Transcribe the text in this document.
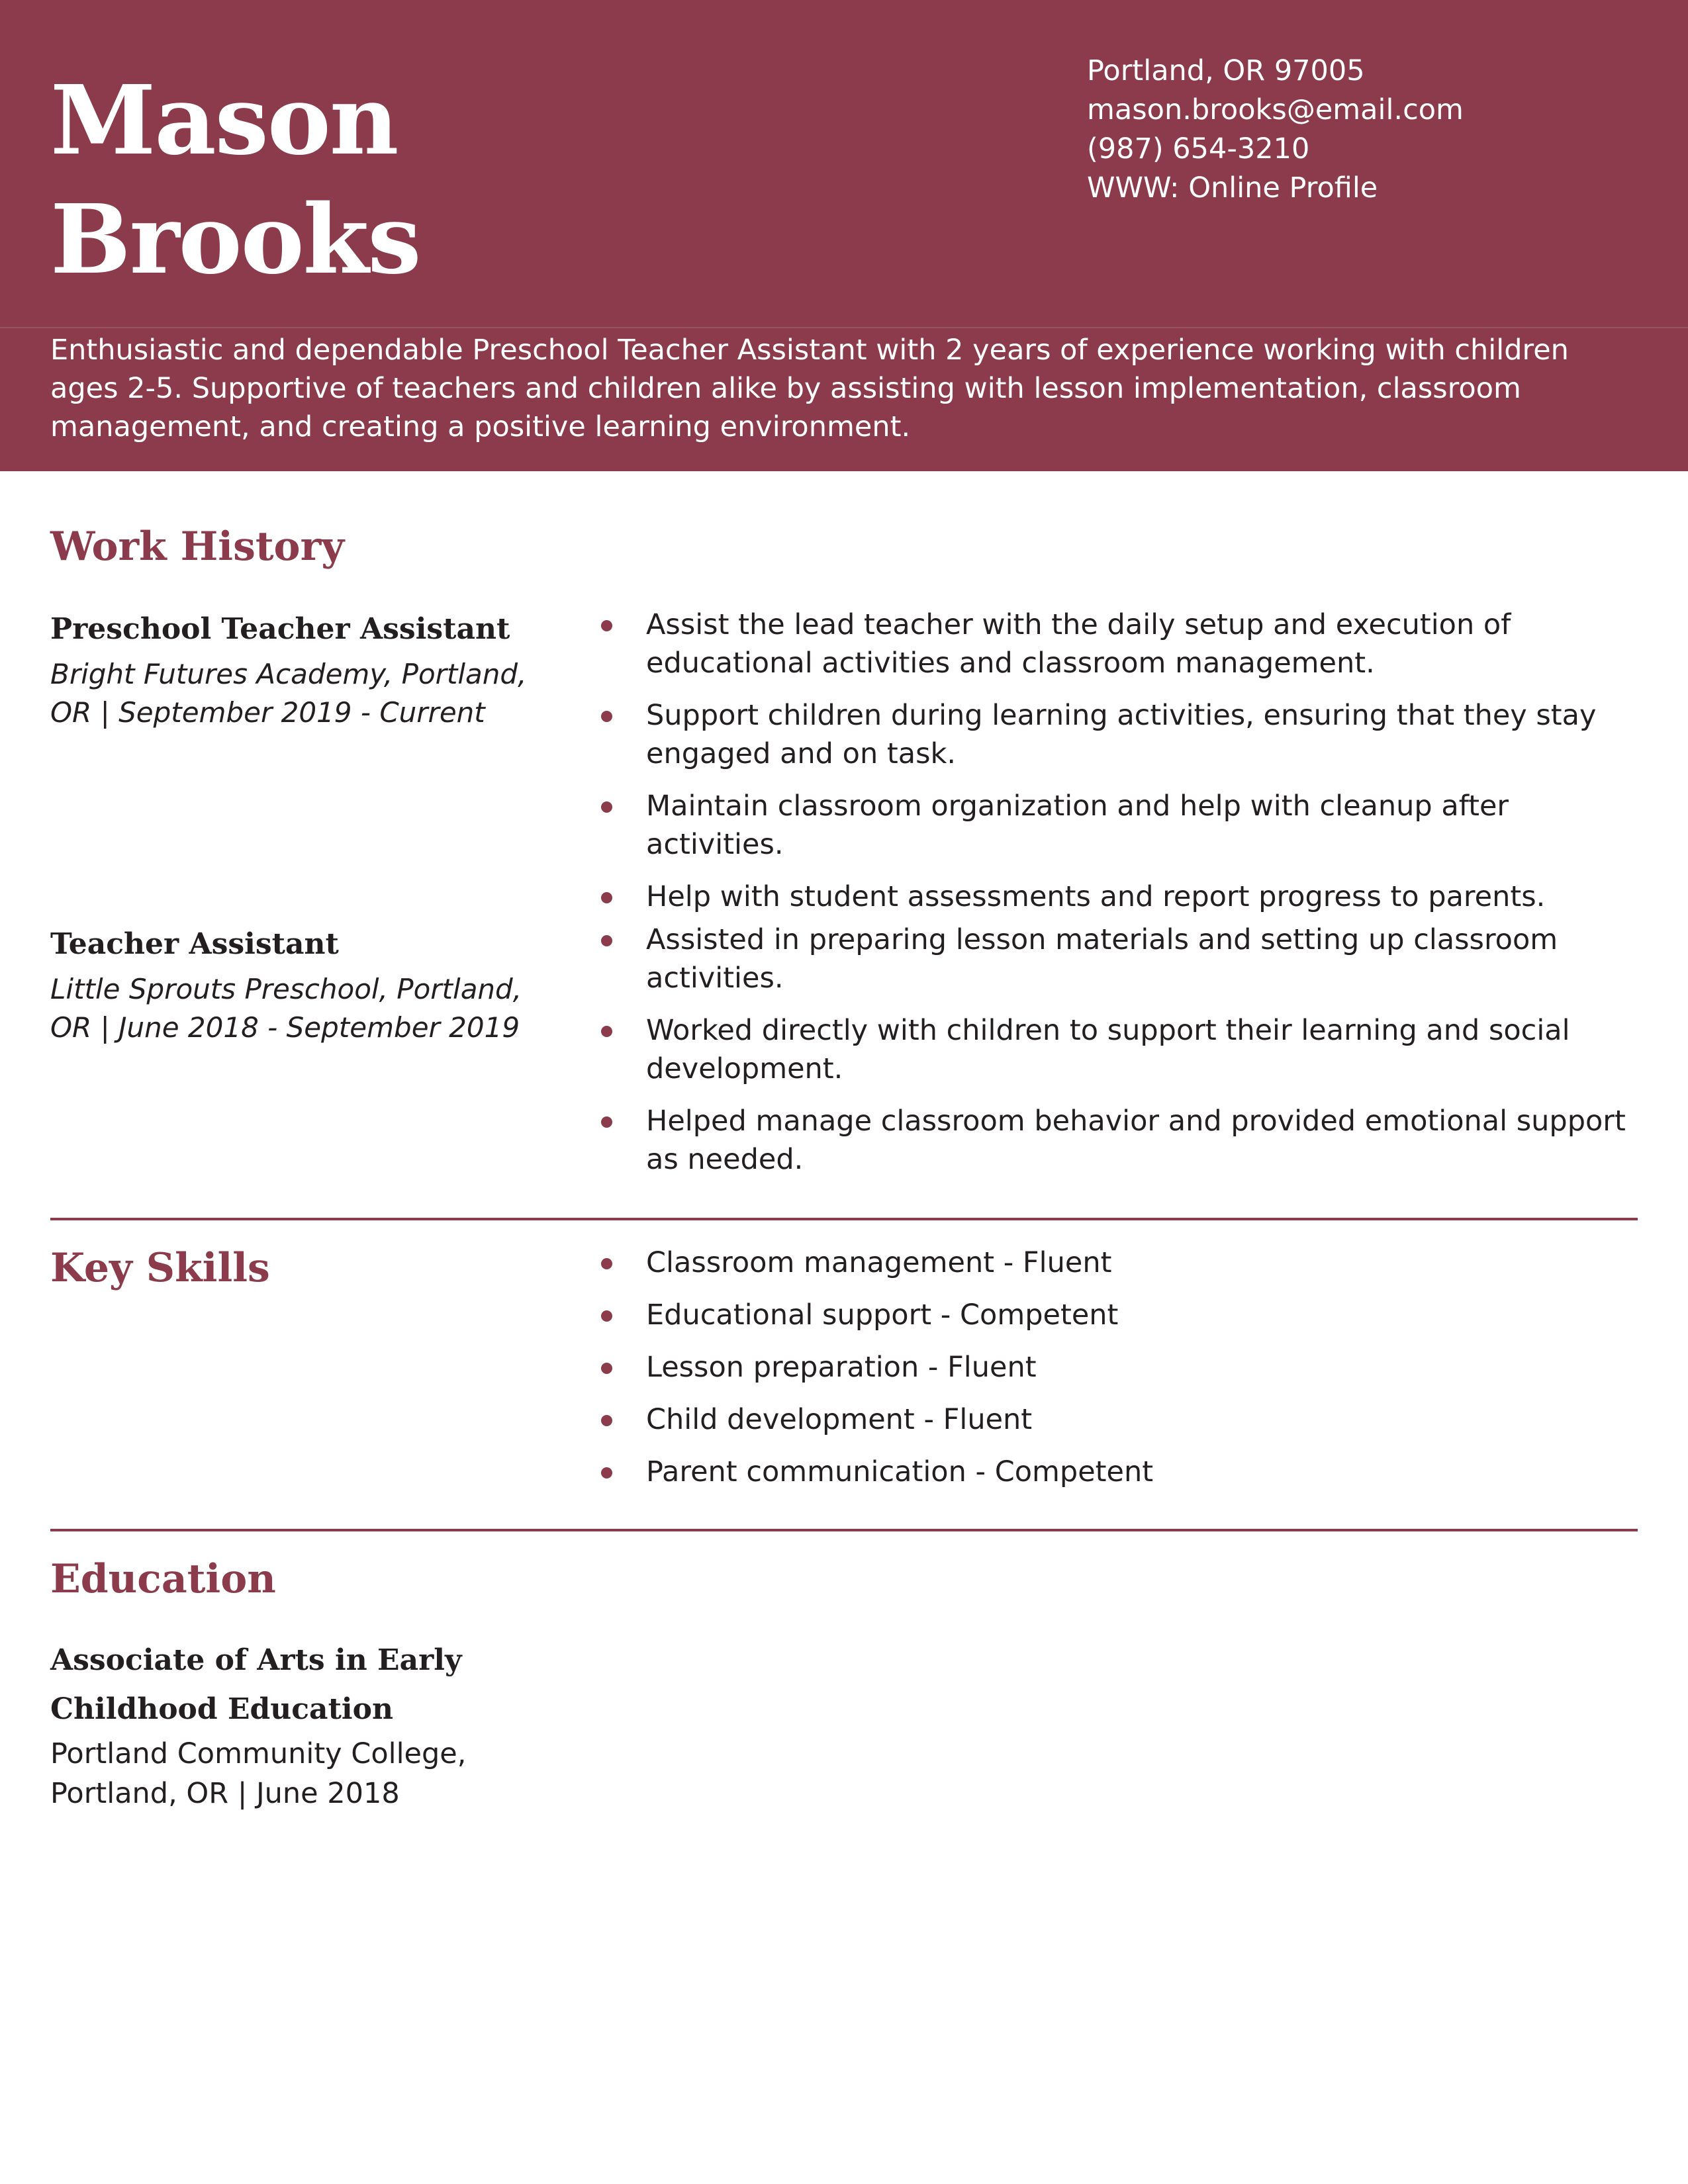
Mason
Brooks
Portland, OR 97005
mason.brooks@email.com
(987) 654-3210
WWW: Online Profile
Enthusiastic and dependable Preschool Teacher Assistant with 2 years of experience working with children ages 2-5. Supportive of teachers and children alike by assisting with lesson implementation, classroom management, and creating a positive learning environment.
Work History
Preschool Teacher Assistant
Bright Futures Academy, Portland, OR | September 2019 - Current
Assist the lead teacher with the daily setup and execution of educational activities and classroom management.
Support children during learning activities, ensuring that they stay engaged and on task.
Maintain classroom organization and help with cleanup after activities.
Help with student assessments and report progress to parents.
Teacher Assistant
Little Sprouts Preschool, Portland, OR | June 2018 - September 2019
Assisted in preparing lesson materials and setting up classroom activities.
Worked directly with children to support their learning and social development.
Helped manage classroom behavior and provided emotional support as needed.
Key Skills	Classroom management - Fluent
Educational support - Competent
Lesson preparation - Fluent
Child development - Fluent
Parent communication - Competent
Education
Associate of Arts in Early Childhood Education
Portland Community College, Portland, OR | June 2018
